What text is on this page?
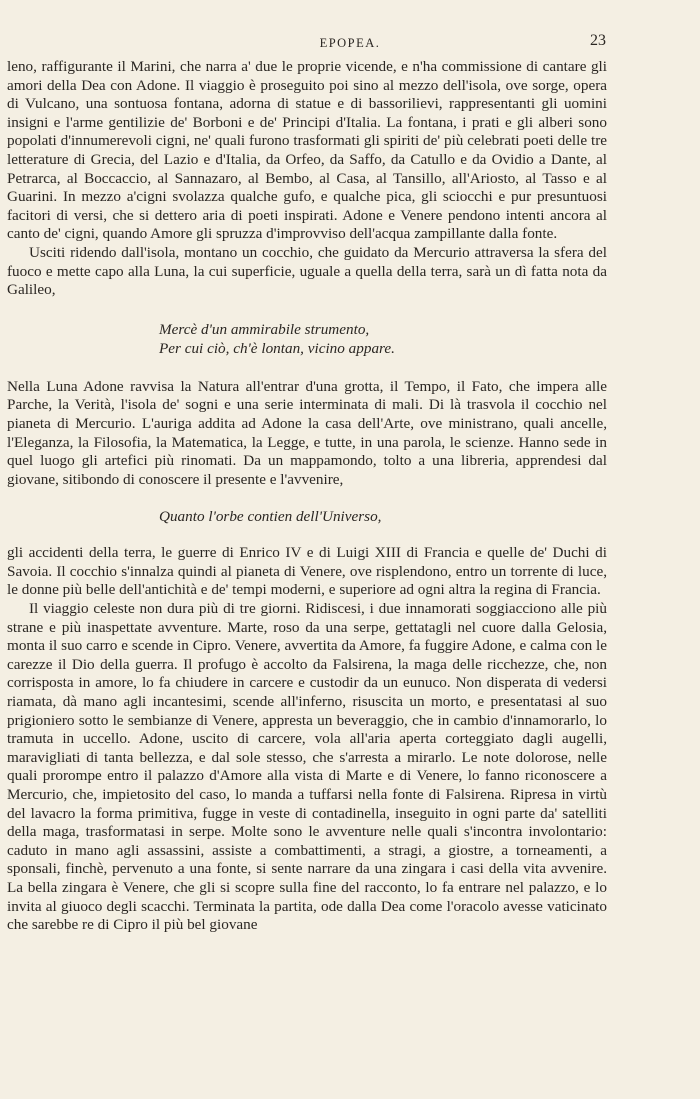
EPOPEA.	23

leno, raffigurante il Marini, che narra a' due le proprie vicende, e n'ha commissione di cantare gli amori della Dea con Adone. Il viaggio è proseguito poi sino al mezzo dell'isola, ove sorge, opera di Vulcano, una sontuosa fontana, adorna di statue e di bassorilievi, rappresentanti gli uomini insigni e l'arme gentilizie de' Borboni e de' Principi d'Italia. La fontana, i prati e gli alberi sono popolati d'innumerevoli cigni, ne' quali furono trasformati gli spiriti de' più celebrati poeti delle tre letterature di Grecia, del Lazio e d'Italia, da Orfeo, da Saffo, da Catullo e da Ovidio a Dante, al Petrarca, al Boccaccio, al Sannazaro, al Bembo, al Casa, al Tansillo, all'Ariosto, al Tasso e al Guarini. In mezzo a'cigni svolazza qualche gufo, e qualche pica, gli sciocchi e pur presuntuosi facitori di versi, che si dettero aria di poeti inspirati. Adone e Venere pendono intenti ancora al canto de' cigni, quando Amore gli spruzza d'improvviso dell'acqua zampillante dalla fonte.

Usciti ridendo dall'isola, montano un cocchio, che guidato da Mercurio attraversa la sfera del fuoco e mette capo alla Luna, la cui superficie, uguale a quella della terra, sarà un dì fatta nota da Galileo,

Mercè d'un ammirabile strumento,
Per cui ciò, ch'è lontan, vicino appare.

Nella Luna Adone ravvisa la Natura all'entrar d'una grotta, il Tempo, il Fato, che impera alle Parche, la Verità, l'isola de' sogni e una serie interminata di mali. Di là trasvola il cocchio nel pianeta di Mercurio. L'auriga addita ad Adone la casa dell'Arte, ove ministrano, quali ancelle, l'Eleganza, la Filosofia, la Matematica, la Legge, e tutte, in una parola, le scienze. Hanno sede in quel luogo gli artefici più rinomati. Da un mappamondo, tolto a una libreria, apprendesi dal giovane, sitibondo di conoscere il presente e l'avvenire,

Quanto l'orbe contien dell'Universo,

gli accidenti della terra, le guerre di Enrico IV e di Luigi XIII di Francia e quelle de' Duchi di Savoia. Il cocchio s'innalza quindi al pianeta di Venere, ove risplendono, entro un torrente di luce, le donne più belle dell'antichità e de' tempi moderni, e superiore ad ogni altra la regina di Francia.

Il viaggio celeste non dura più di tre giorni. Ridiscesi, i due innamorati soggiacciono alle più strane e più inaspettate avventure. Marte, roso da una serpe, gettatagli nel cuore dalla Gelosia, monta il suo carro e scende in Cipro. Venere, avvertita da Amore, fa fuggire Adone, e calma con le carezze il Dio della guerra. Il profugo è accolto da Falsirena, la maga delle ricchezze, che, non corrisposta in amore, lo fa chiudere in carcere e custodir da un eunuco. Non disperata di vedersi riamata, dà mano agli incantesimi, scende all'inferno, risuscita un morto, e presentatasi al suo prigioniero sotto le sembianze di Venere, appresta un beveraggio, che in cambio d'innamorarlo, lo tramuta in uccello. Adone, uscito di carcere, vola all'aria aperta corteggiato dagli augelli, maravigliati di tanta bellezza, e dal sole stesso, che s'arresta a mirarlo. Le note dolorose, nelle quali prorompe entro il palazzo d'Amore alla vista di Marte e di Venere, lo fanno riconoscere a Mercurio, che, impietosito del caso, lo manda a tuffarsi nella fonte di Falsirena. Ripresa in virtù del lavacro la forma primitiva, fugge in veste di contadinella, inseguito in ogni parte da' satelliti della maga, trasformatasi in serpe. Molte sono le avventure nelle quali s'incontra involontario: caduto in mano agli assassini, assiste a combattimenti, a stragi, a giostre, a torneamenti, a sponsali, finchè, pervenuto a una fonte, si sente narrare da una zingara i casi della vita avvenire. La bella zingara è Venere, che gli si scopre sulla fine del racconto, lo fa entrare nel palazzo, e lo invita al giuoco degli scacchi. Terminata la partita, ode dalla Dea come l'oracolo avesse vaticinato che sarebbe re di Cipro il più bel giovane
